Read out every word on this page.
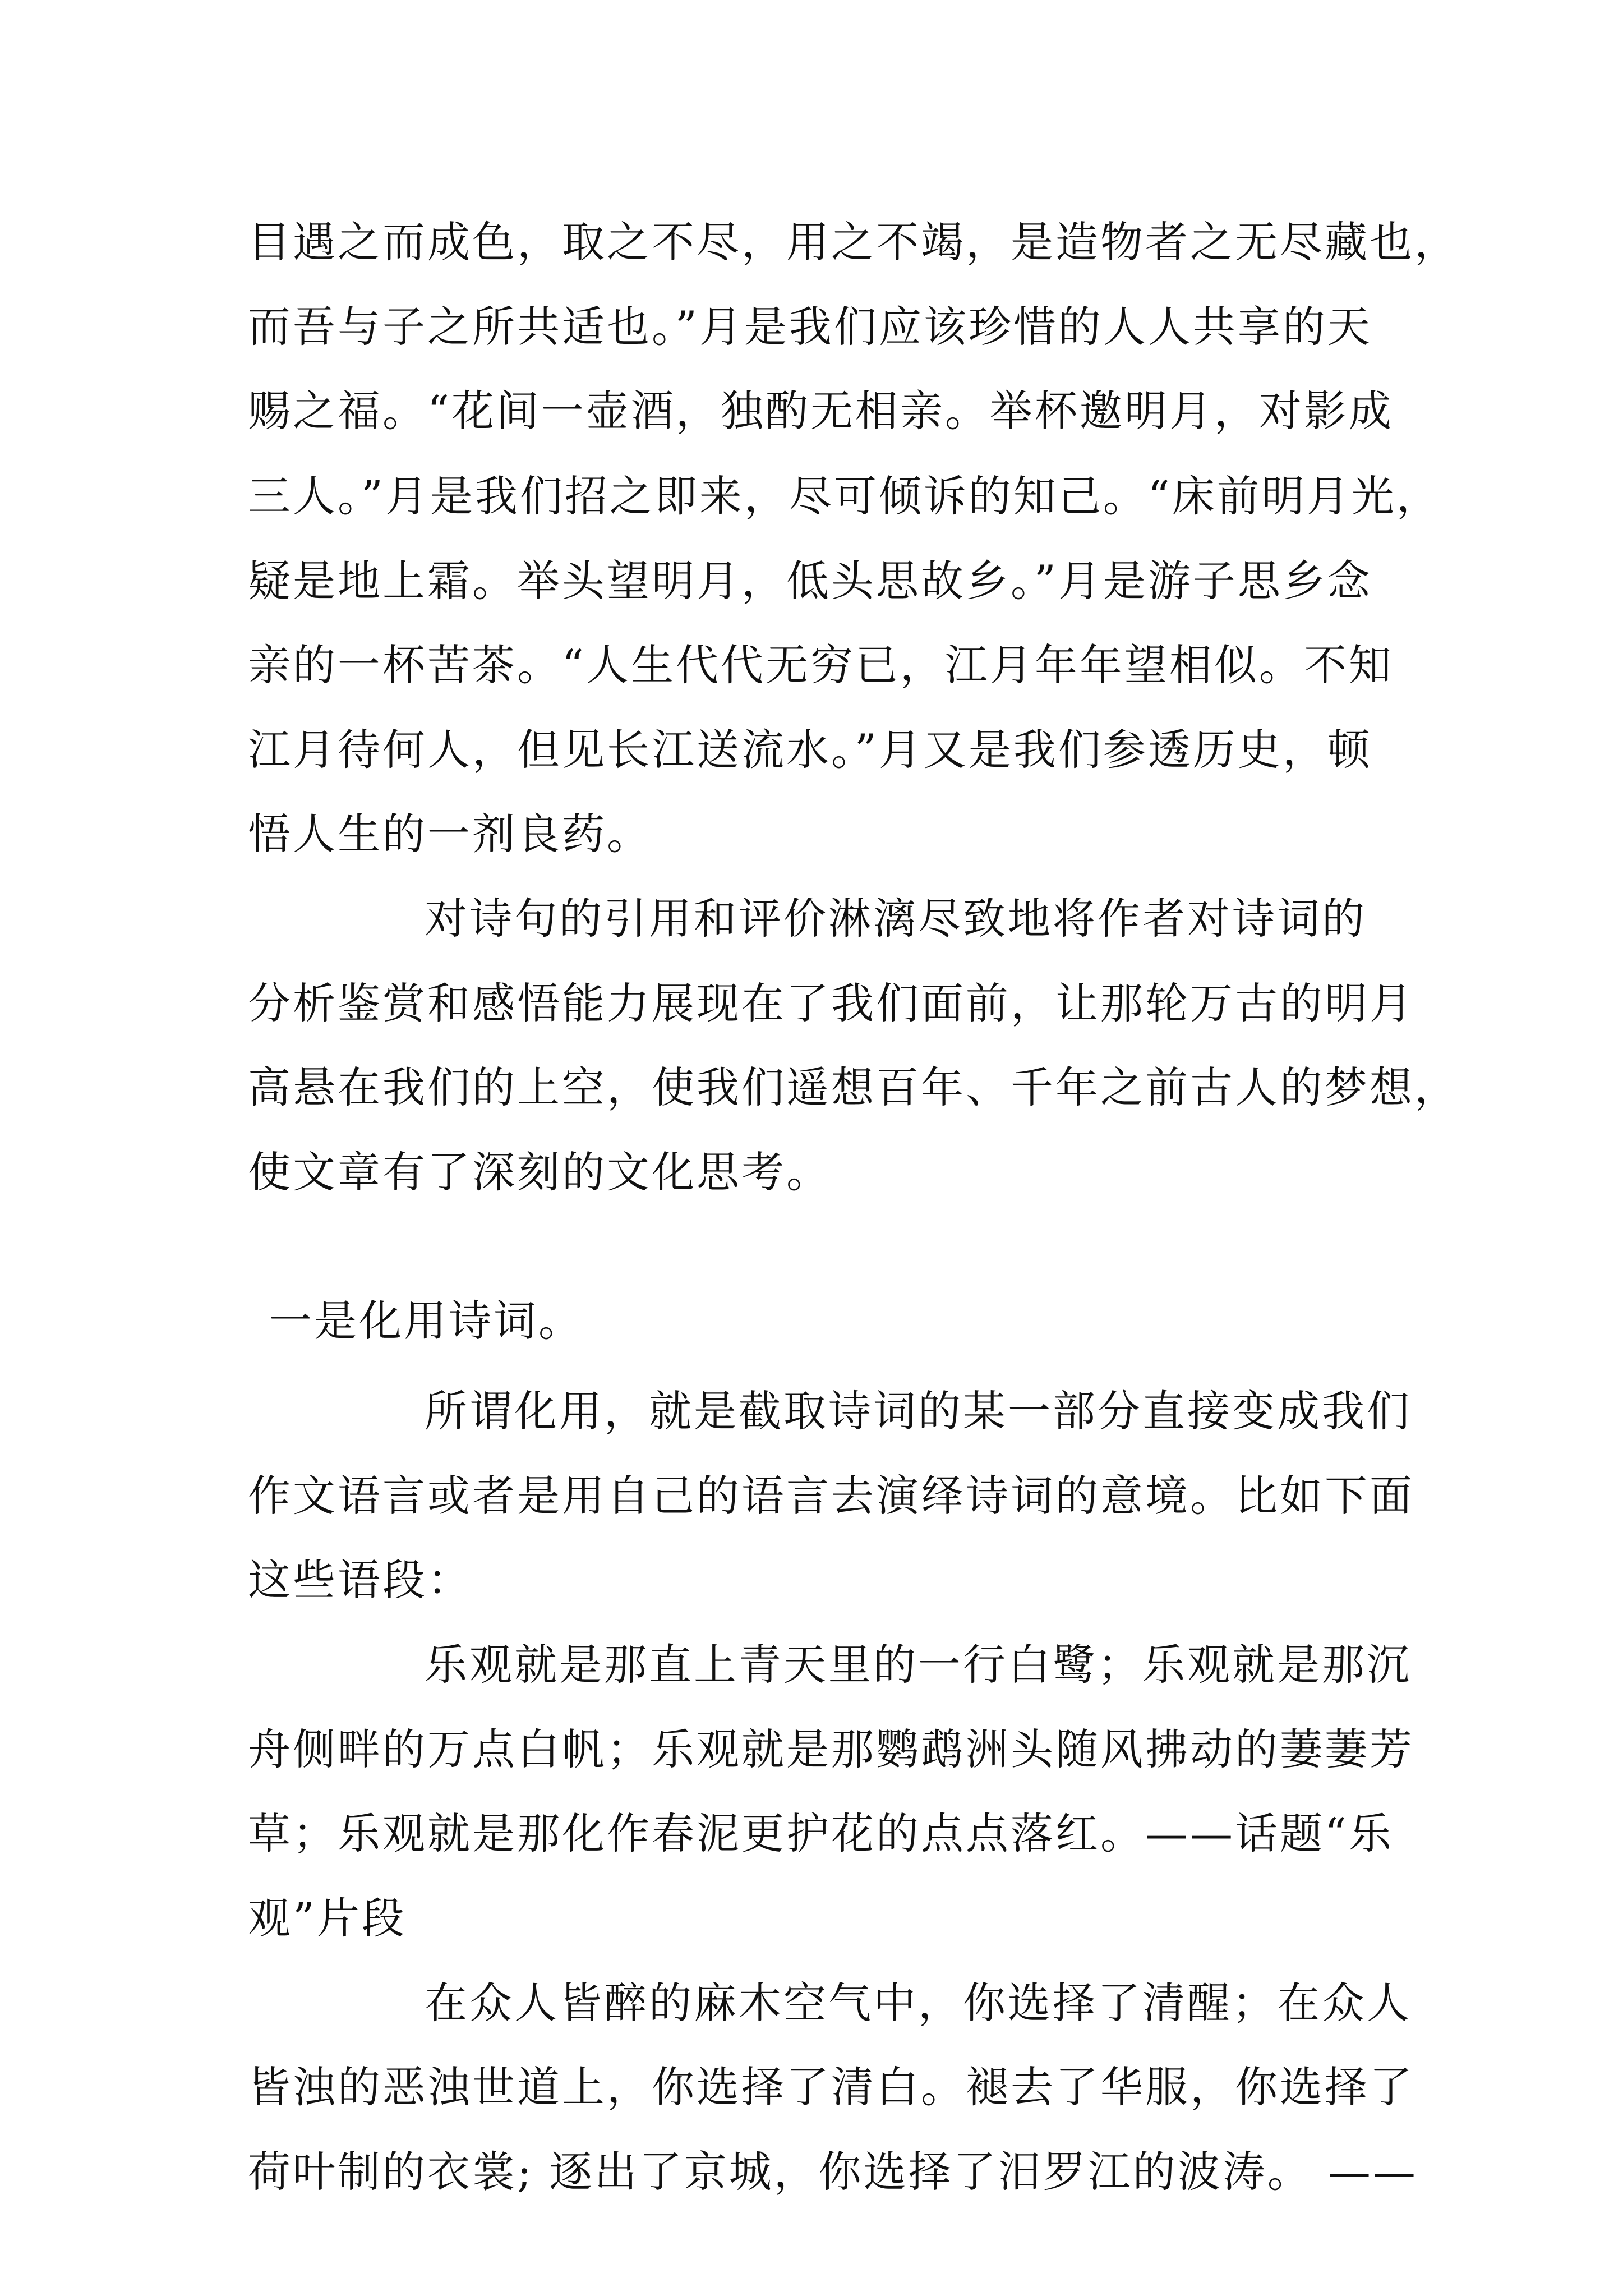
目遇之而成色，取之不尽，用之不竭，是造物者之无尽藏也，
而吾与子之所共适也。”月是我们应该珍惜的人人共享的天
赐之福。“花间一壶酒，独酌无相亲。举杯邀明月，对影成
三人。”月是我们招之即来，尽可倾诉的知己。“床前明月光，
疑是地上霜。举头望明月，低头思故乡。”月是游子思乡念
亲的一杯苦茶。“人生代代无穷已，江月年年望相似。不知
江月待何人，但见长江送流水。”月又是我们参透历史，顿
悟人生的一剂良药。
对诗句的引用和评价淋漓尽致地将作者对诗词的
分析鉴赏和感悟能力展现在了我们面前，让那轮万古的明月
高悬在我们的上空，使我们遥想百年、千年之前古人的梦想，
使文章有了深刻的文化思考。
一是化用诗词。
所谓化用，就是截取诗词的某一部分直接变成我们
作文语言或者是用自己的语言去演绎诗词的意境。比如下面
这些语段：
乐观就是那直上青天里的一行白鹭；乐观就是那沉
舟侧畔的万点白帆；乐观就是那鹦鹉洲头随风拂动的萋萋芳
草；乐观就是那化作春泥更护花的点点落红。——话题“乐
观”片段
在众人皆醉的麻木空气中，你选择了清醒；在众人
皆浊的恶浊世道上，你选择了清白。褪去了华服，你选择了
荷叶制的衣裳; 逐出了京城，你选择了汨罗江的波涛。 ——
